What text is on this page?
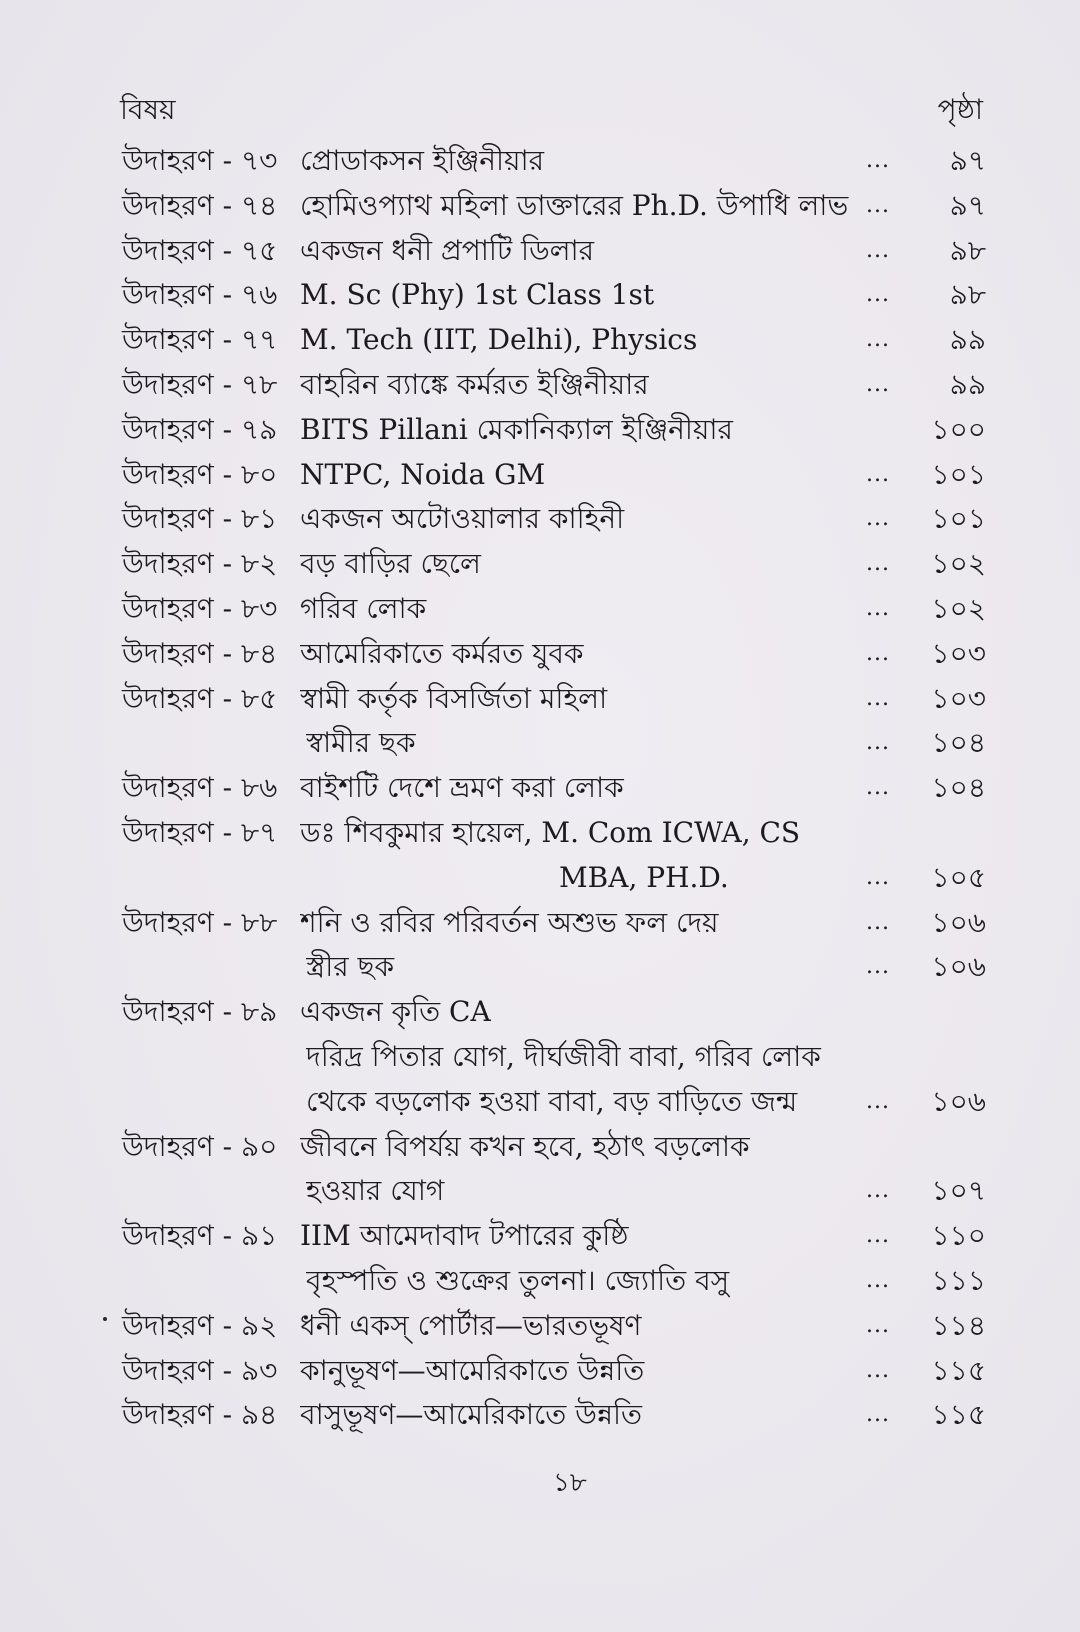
বিষয়	পৃষ্ঠা
উদাহরণ - ৭৩ প্রোডাকসন ইঞ্জিনীয়ার	... ৯৭
উদাহরণ - ৭৪ হোমিওপ্যাথ মহিলা ডাক্তারের Ph.D. উপাধি লাভ ... ৯৭
উদাহরণ - ৭৫ একজন ধনী প্রপাটি ডিলার	... ৯৮
উদাহরণ - ৭৬ M. Sc (Phy) 1st Class 1st	... ৯৮
উদাহরণ - ৭৭ M. Tech (IIT, Delhi), Physics	... ৯৯
উদাহরণ - ৭৮ বাহরিন ব্যাঙ্কে কর্মরত ইঞ্জিনীয়ার	... ৯৯
উদাহরণ - ৭৯ BITS Pillani মেকানিক্যাল ইঞ্জিনীয়ার	১০০
উদাহরণ - ৮০ NTPC, Noida GM	... ১০১
উদাহরণ - ৮১ একজন অটোওয়ালার কাহিনী	... ১০১
উদাহরণ - ৮২ বড় বাড়ির ছেলে	... ১০২
উদাহরণ - ৮৩ গরিব লোক	... ১০২
উদাহরণ - ৮৪ আমেরিকাতে কর্মরত যুবক	... ১০৩
উদাহরণ - ৮৫ স্বামী কর্তৃক বিসর্জিতা মহিলা	... ১০৩
স্বামীর ছক	... ১০৪
উদাহরণ - ৮৬ বাইশটি দেশে ভ্রমণ করা লোক	... ১০৪
উদাহরণ - ৮৭ ডঃ শিবকুমার হায়েল, M. Com ICWA, CS
MBA, PH.D.	... ১০৫
উদাহরণ - ৮৮ শনি ও রবির পরিবর্তন অশুভ ফল দেয়	... ১০৬
স্ত্রীর ছক	... ১০৬
উদাহরণ - ৮৯ একজন কৃতি CA
দরিদ্র পিতার যোগ, দীর্ঘজীবী বাবা, গরিব লোক
থেকে বড়লোক হওয়া বাবা, বড় বাড়িতে জন্ম	... ১০৬
উদাহরণ - ৯০ জীবনে বিপর্যয় কখন হবে, হঠাৎ বড়লোক
হওয়ার যোগ	... ১০৭
উদাহরণ - ৯১ IIM আমেদাবাদ টপারের কুষ্ঠি	... ১১০
বৃহস্পতি ও শুক্রের তুলনা। জ্যোতি বসু	... ১১১
উদাহরণ - ৯২ ধনী একস্ পোর্টার—ভারতভূষণ	... ১১৪
উদাহরণ - ৯৩ কানুভূষণ—আমেরিকাতে উন্নতি	... ১১৫
উদাহরণ - ৯৪ বাসুভূষণ—আমেরিকাতে উন্নতি	... ১১৫
১৮
